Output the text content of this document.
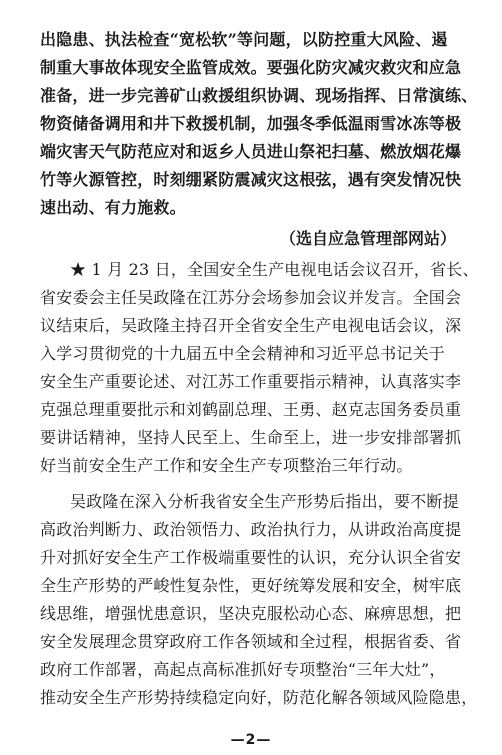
出隐患、执法检查“宽松软”等问题，以防控重大风险、遏
制重大事故体现安全监管成效。要强化防灾减灾救灾和应急
准备，进一步完善矿山救援组织协调、现场指挥、日常演练、
物资储备调用和井下救援机制，加强冬季低温雨雪冰冻等极
端灾害天气防范应对和返乡人员进山祭祀扫墓、燃放烟花爆
竹等火源管控，时刻绷紧防震减灾这根弦，遇有突发情况快
速出动、有力施救。
（选自应急管理部网站）
★ 1 月 23 日，全国安全生产电视电话会议召开，省长、
省安委会主任吴政隆在江苏分会场参加会议并发言。全国会
议结束后，吴政隆主持召开全省安全生产电视电话会议，深
入学习贯彻党的十九届五中全会精神和习近平总书记关于
安全生产重要论述、对江苏工作重要指示精神，认真落实李
克强总理重要批示和刘鹤副总理、王勇、赵克志国务委员重
要讲话精神，坚持人民至上、生命至上，进一步安排部署抓
好当前安全生产工作和安全生产专项整治三年行动。
吴政隆在深入分析我省安全生产形势后指出，要不断提
高政治判断力、政治领悟力、政治执行力，从讲政治高度提
升对抓好安全生产工作极端重要性的认识，充分认识全省安
全生产形势的严峻性复杂性，更好统筹发展和安全，树牢底
线思维，增强忧患意识，坚决克服松动心态、麻痹思想，把
安全发展理念贯穿政府工作各领域和全过程，根据省委、省
政府工作部署，高起点高标准抓好专项整治“三年大灶”，
推动安全生产形势持续稳定向好，防范化解各领域风险隐患，
—2—
